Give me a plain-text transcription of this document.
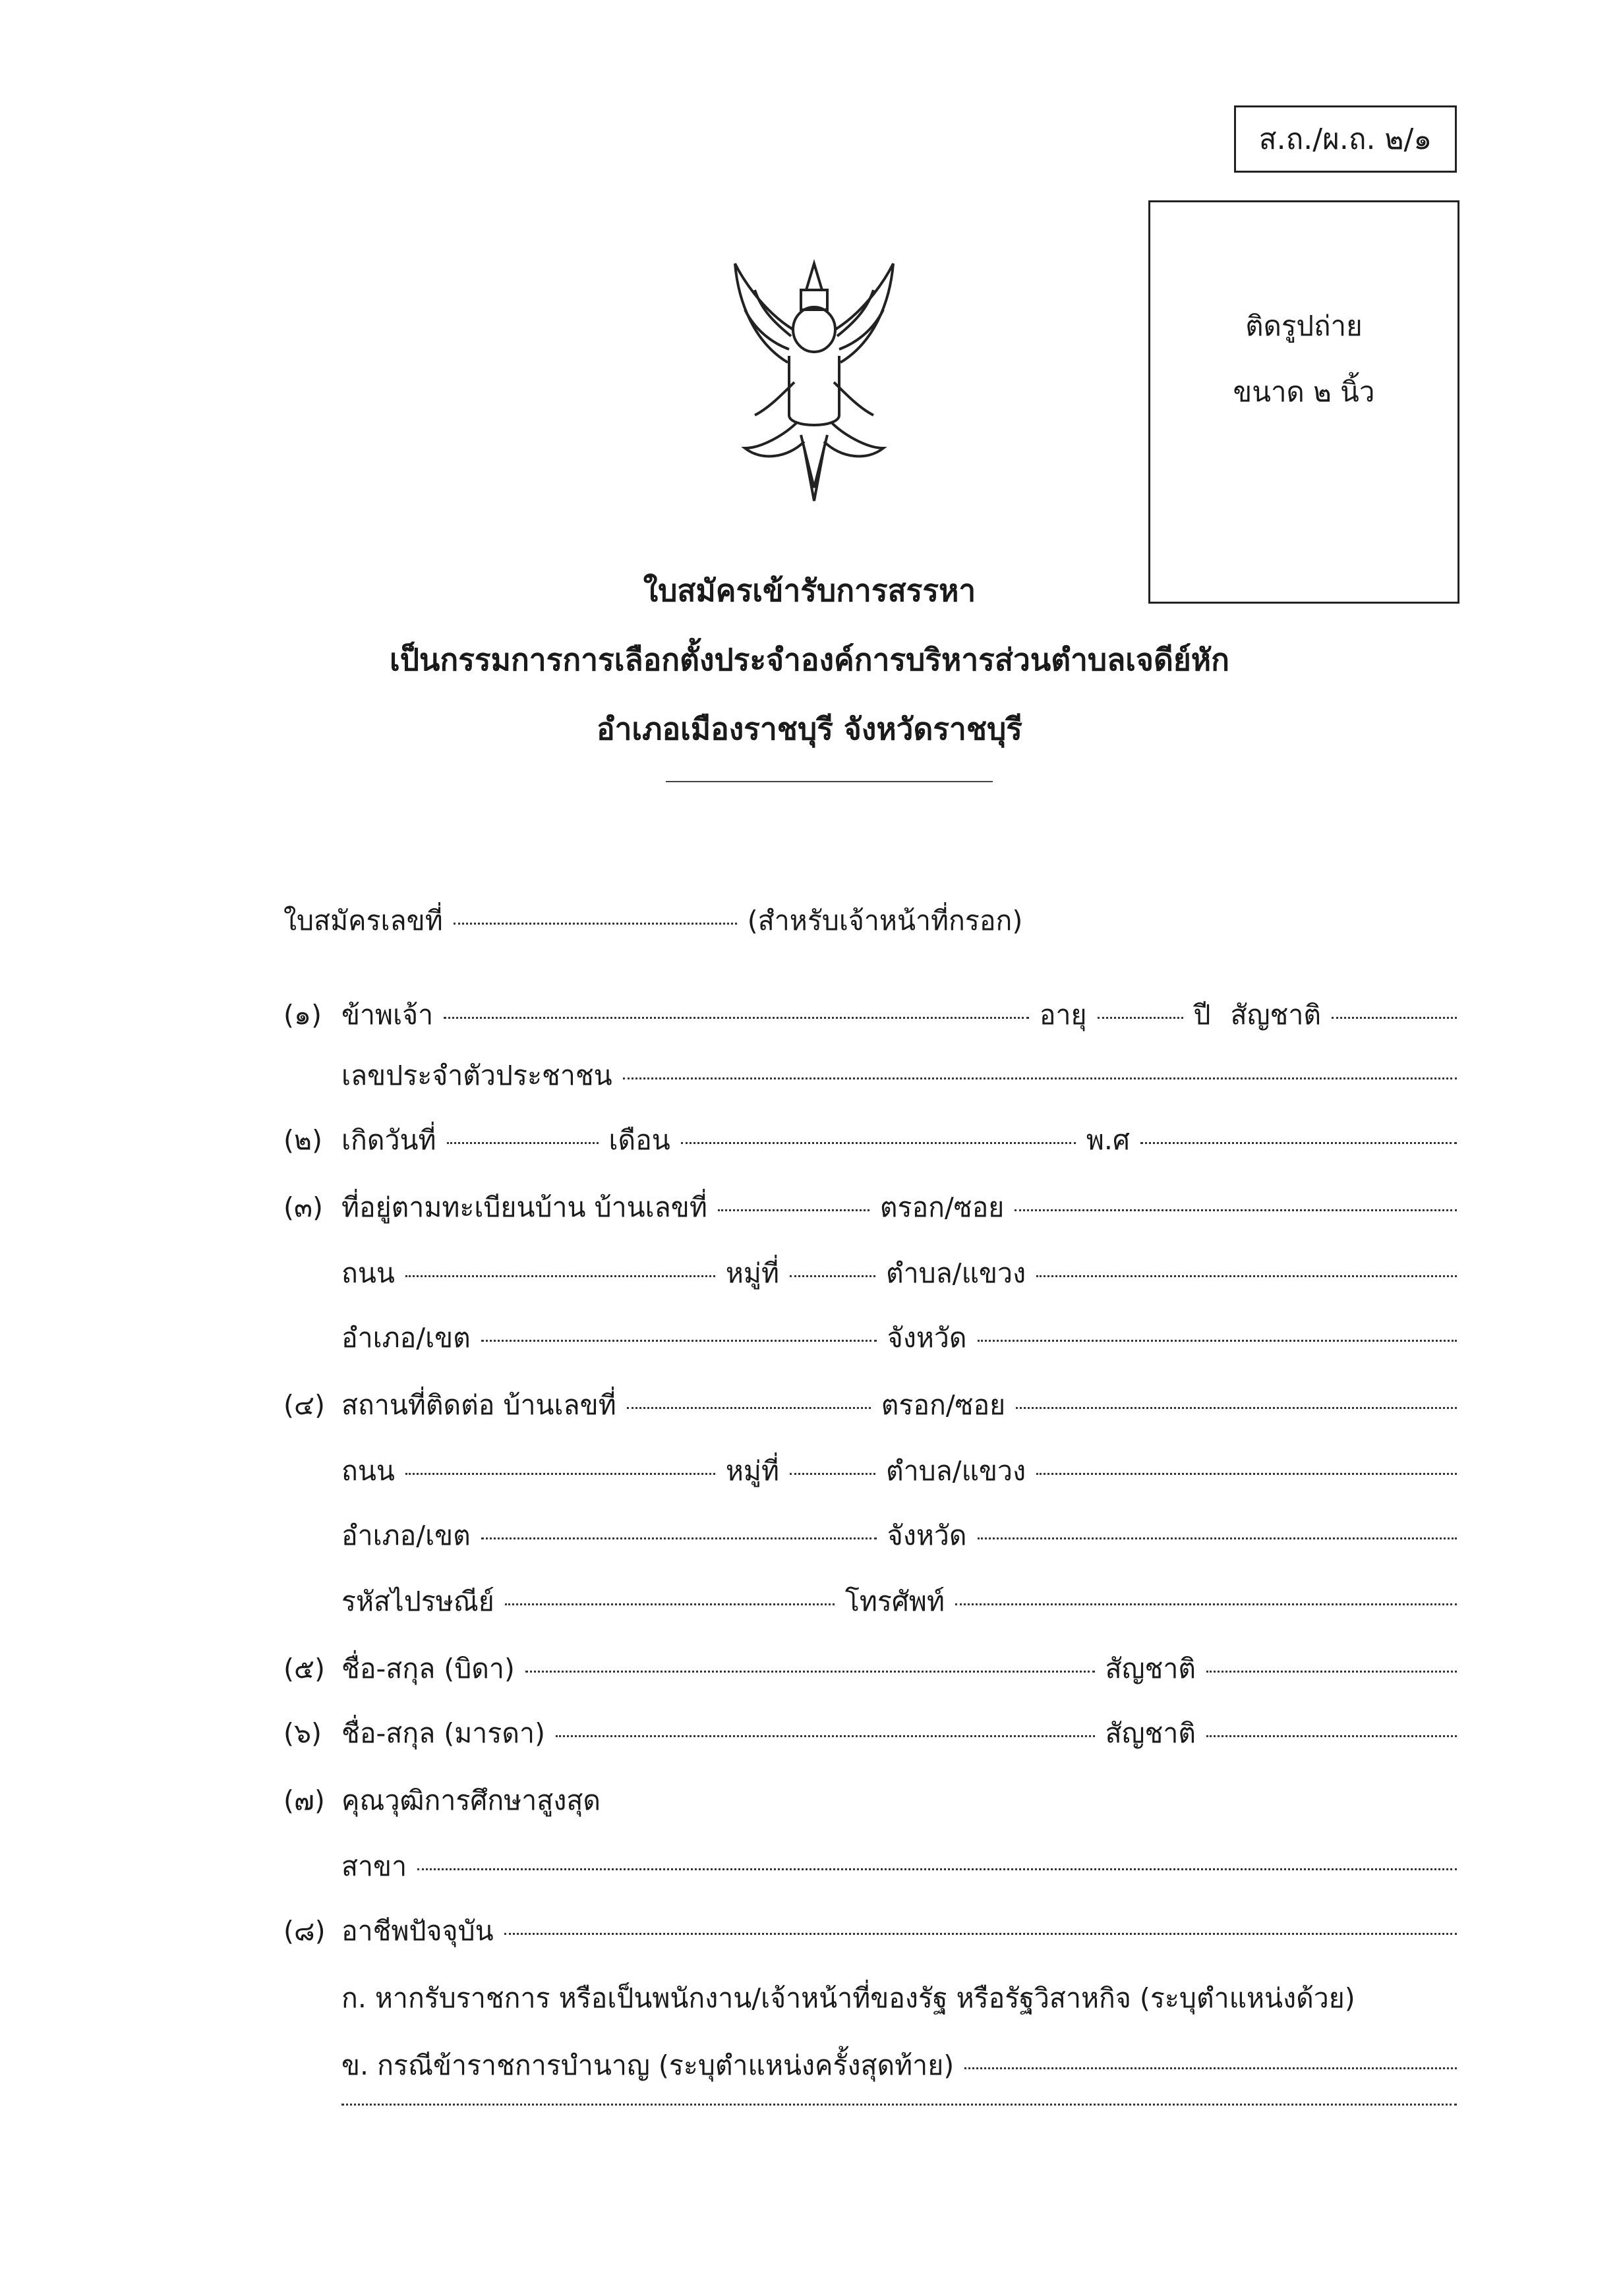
ส.ถ./ผ.ถ. ๒/๑
ติดรูปถ่าย
ขนาด ๒ นิ้ว
ใบสมัครเข้ารับการสรรหา
เป็นกรรมการการเลือกตั้งประจำองค์การบริหารส่วนตำบลเจดีย์หัก
อำเภอเมืองราชบุรี จังหวัดราชบุรี
ใบสมัครเลขที่	(สำหรับเจ้าหน้าที่กรอก)
(๑) ข้าพเจ้า	อายุ	ปี สัญชาติ
เลขประจำตัวประชาชน
(๒) เกิดวันที่	เดือน	พ.ศ
(๓) ที่อยู่ตามทะเบียนบ้าน บ้านเลขที่	ตรอก/ซอย
ถนน	หมู่ที่	ตำบล/แขวง
อำเภอ/เขต	จังหวัด
(๔) สถานที่ติดต่อ บ้านเลขที่	ตรอก/ซอย
ถนน	หมู่ที่	ตำบล/แขวง
อำเภอ/เขต	จังหวัด
รหัสไปรษณีย์	โทรศัพท์
(๕) ชื่อ-สกุล (บิดา)	สัญชาติ
(๖) ชื่อ-สกุล (มารดา)	สัญชาติ
(๗) คุณวุฒิการศึกษาสูงสุด
สาขา
(๘) อาชีพปัจจุบัน
ก. หากรับราชการ หรือเป็นพนักงาน/เจ้าหน้าที่ของรัฐ หรือรัฐวิสาหกิจ (ระบุตำแหน่งด้วย)
ข. กรณีข้าราชการบำนาญ (ระบุตำแหน่งครั้งสุดท้าย)
